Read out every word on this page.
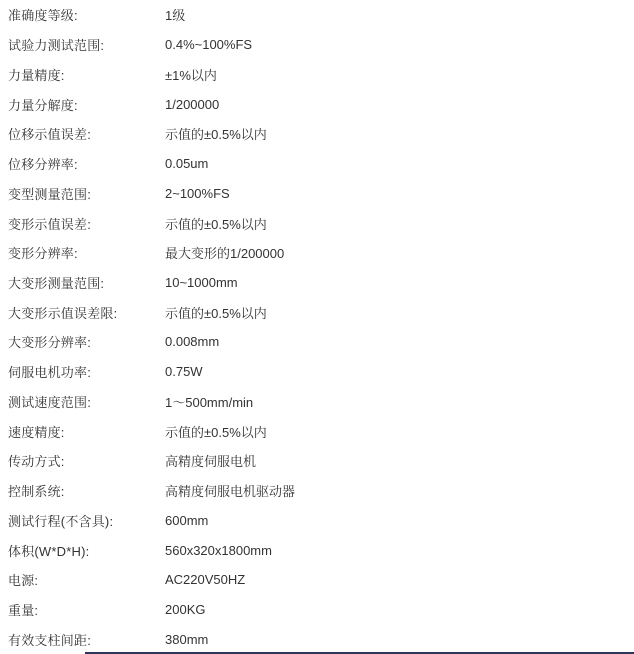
准确度等级:	1级
试验力测试范围:	0.4%~100%FS
力量精度:	±1%以内
力量分解度:	1/200000
位移示值误差:	示值的±0.5%以内
位移分辨率:	0.05um
变型测量范围:	2~100%FS
变形示值误差:	示值的±0.5%以内
变形分辨率:	最大变形的1/200000
大变形测量范围:	10~1000mm
大变形示值误差限:	示值的±0.5%以内
大变形分辨率:	0.008mm
伺服电机功率:	0.75W
测试速度范围:	1～500mm/min
速度精度:	示值的±0.5%以内
传动方式:	高精度伺服电机
控制系统:	高精度伺服电机驱动器
测试行程(不含具):	600mm
体积(W*D*H):	560x320x1800mm
电源:	AC220V50HZ
重量:	200KG
有效支柱间距:	380mm
